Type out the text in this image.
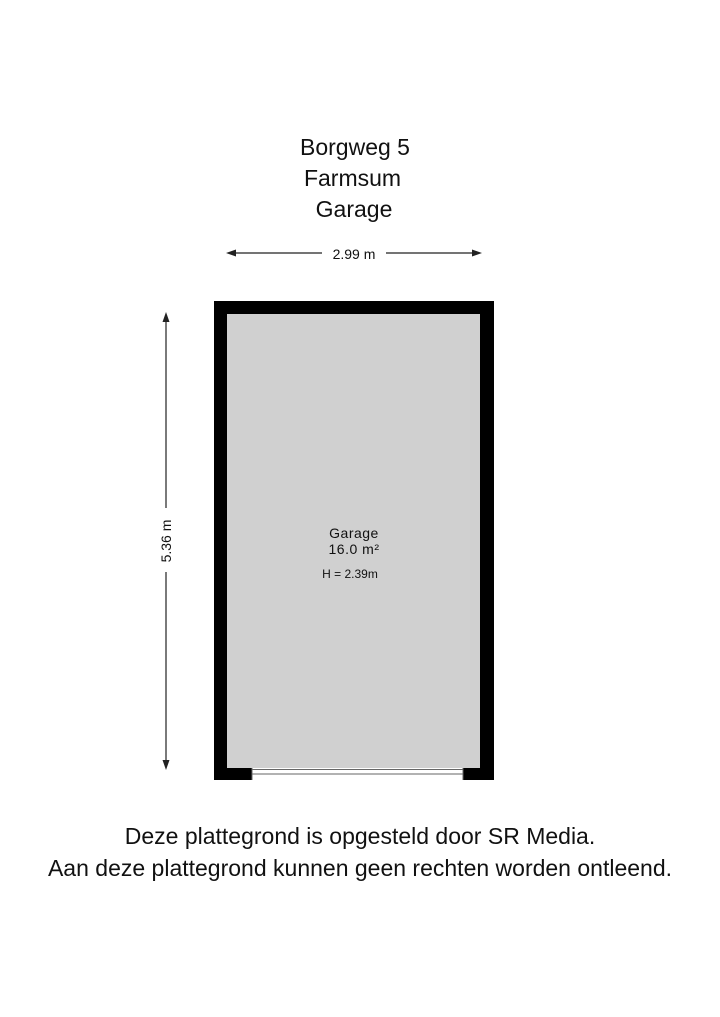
Borgweg 5
Farmsum
Garage
2.99 m
5.36 m	Garage
16.0 m²
H = 2.39m
Deze plattegrond is opgesteld door SR Media.
Aan deze plattegrond kunnen geen rechten worden ontleend.
